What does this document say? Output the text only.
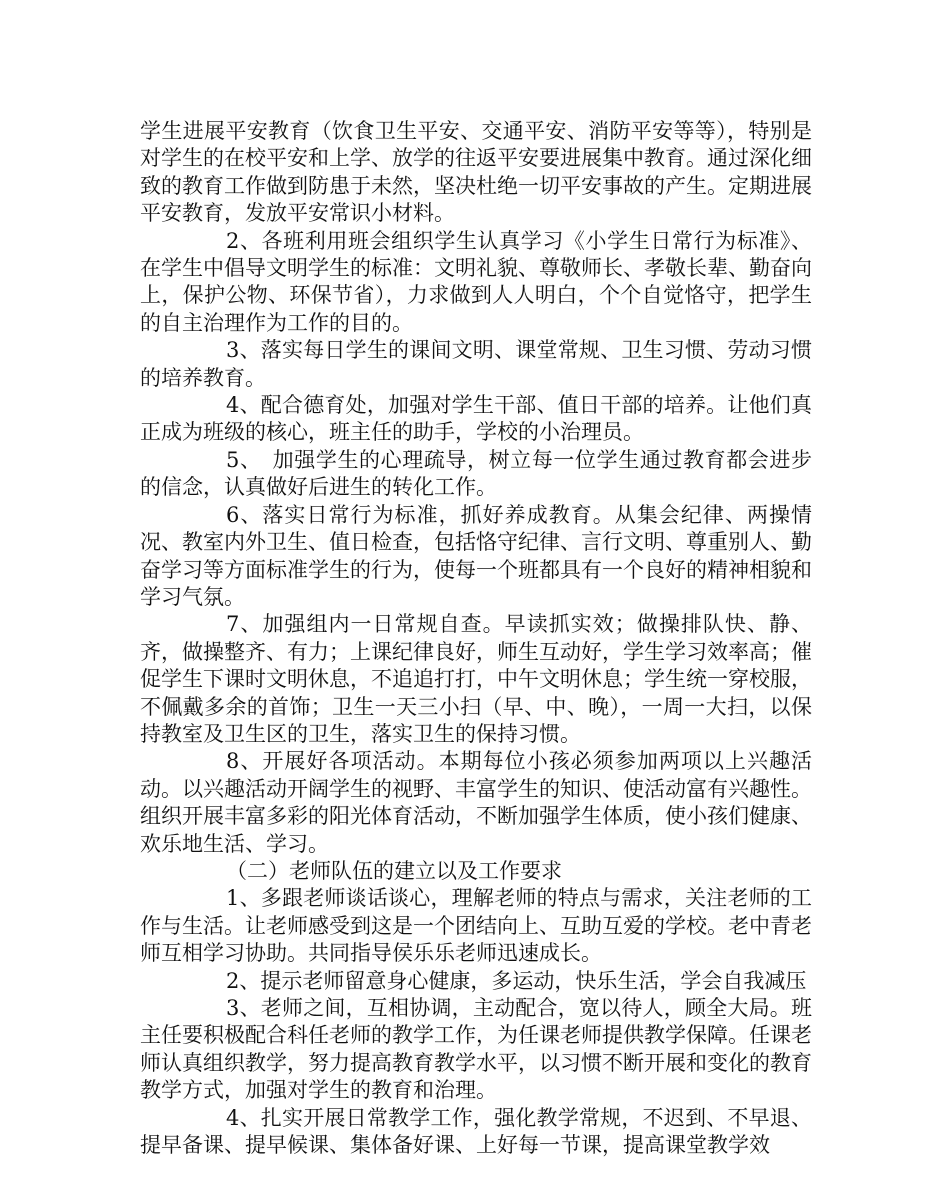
学生进展平安教育（饮食卫生平安、交通平安、消防平安等等），特别是对学生的在校平安和上学、放学的往返平安要进展集中教育。通过深化细致的教育工作做到防患于未然，坚决杜绝一切平安事故的产生。定期进展平安教育，发放平安常识小材料。

2、各班利用班会组织学生认真学习《小学生日常行为标准》、在学生中倡导文明学生的标准：文明礼貌、尊敬师长、孝敬长辈、勤奋向上，保护公物、环保节省），力求做到人人明白，个个自觉恪守，把学生的自主治理作为工作的目的。

3、落实每日学生的课间文明、课堂常规、卫生习惯、劳动习惯的培养教育。

4、配合德育处，加强对学生干部、值日干部的培养。让他们真正成为班级的核心，班主任的助手，学校的小治理员。

5、　加强学生的心理疏导，树立每一位学生通过教育都会进步的信念，认真做好后进生的转化工作。

6、落实日常行为标准，抓好养成教育。从集会纪律、两操情况、教室内外卫生、值日检查，包括恪守纪律、言行文明、尊重别人、勤奋学习等方面标准学生的行为，使每一个班都具有一个良好的精神相貌和学习气氛。

7、加强组内一日常规自查。早读抓实效；做操排队快、静、齐，做操整齐、有力；上课纪律良好，师生互动好，学生学习效率高；催促学生下课时文明休息，不追追打打，中午文明休息；学生统一穿校服，不佩戴多余的首饰；卫生一天三小扫（早、中、晚），一周一大扫，以保持教室及卫生区的卫生，落实卫生的保持习惯。

8、开展好各项活动。本期每位小孩必须参加两项以上兴趣活动。以兴趣活动开阔学生的视野、丰富学生的知识、使活动富有兴趣性。组织开展丰富多彩的阳光体育活动，不断加强学生体质，使小孩们健康、欢乐地生活、学习。

（二）老师队伍的建立以及工作要求

1、多跟老师谈话谈心，理解老师的特点与需求，关注老师的工作与生活。让老师感受到这是一个团结向上、互助互爱的学校。老中青老师互相学习协助。共同指导侯乐乐老师迅速成长。

2、提示老师留意身心健康，多运动，快乐生活，学会自我减压

3、老师之间，互相协调，主动配合，宽以待人，顾全大局。班主任要积极配合科任老师的教学工作，为任课老师提供教学保障。任课老师认真组织教学，努力提高教育教学水平，以习惯不断开展和变化的教育教学方式，加强对学生的教育和治理。

4、扎实开展日常教学工作，强化教学常规，不迟到、不早退、提早备课、提早候课、集体备好课、上好每一节课，提高课堂教学效
